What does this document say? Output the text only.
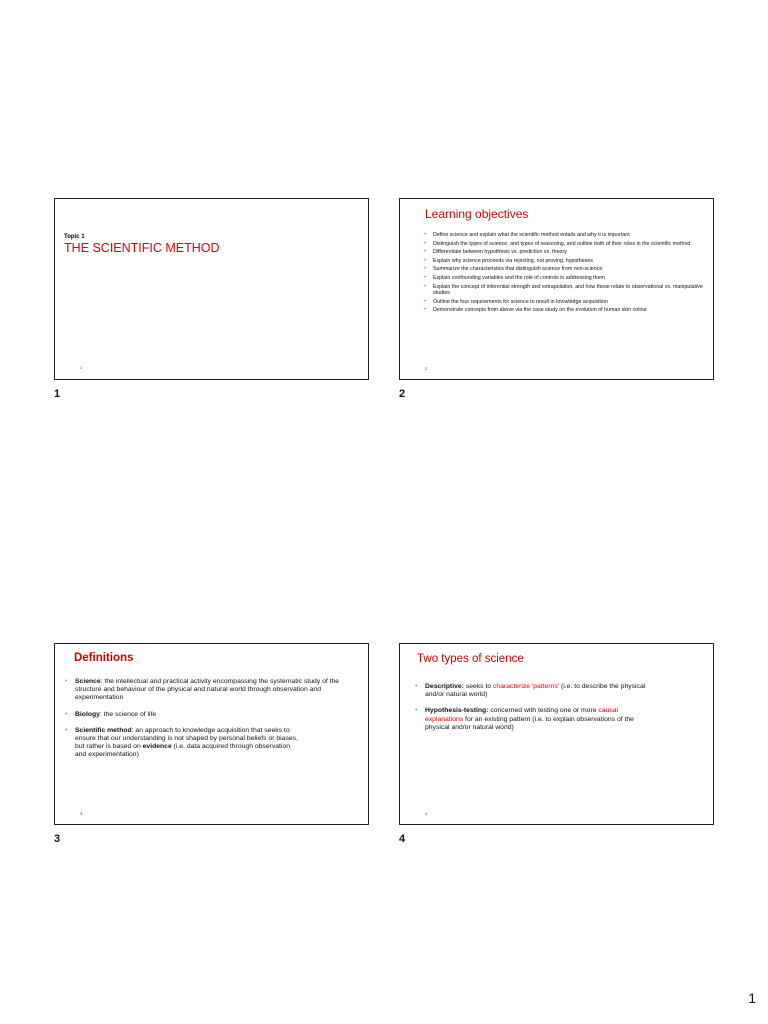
Topic 1
THE SCIENTIFIC METHOD
1
Learning objectives
• Define science and explain what the scientific method entails and why it is important
• Distinguish the types of science, and types of reasoning, and outline both of their roles in the scientific method
• Differentiate between hypothesis vs. prediction vs. theory
• Explain why science proceeds via rejecting, not proving, hypotheses
• Summarize the characteristics that distinguish science from non-science
• Explain confounding variables and the role of controls in addressing them
• Explain the concept of inferential strength and extrapolation, and how these relate to observational vs. manipulative studies
• Outline the four requirements for science to result in knowledge acquisition
• Demonstrate concepts from above via the case study on the evolution of human skin colour
2
Definitions
• Science: the intellectual and practical activity encompassing the systematic study of the structure and behaviour of the physical and natural world through observation and experimentation
• Biology: the science of life
• Scientific method: an approach to knowledge acquisition that seeks to ensure that our understanding is not shaped by personal beliefs or biases, but rather is based on evidence (i.e. data acquired through observation and experimentation)
3
Two types of science
• Descriptive: seeks to characterize 'patterns' (i.e. to describe the physical and/or natural world)
• Hypothesis-testing: concerned with testing one or more causal explanations for an existing pattern (i.e. to explain observations of the physical and/or natural world)
4
1	2
3	4
1
